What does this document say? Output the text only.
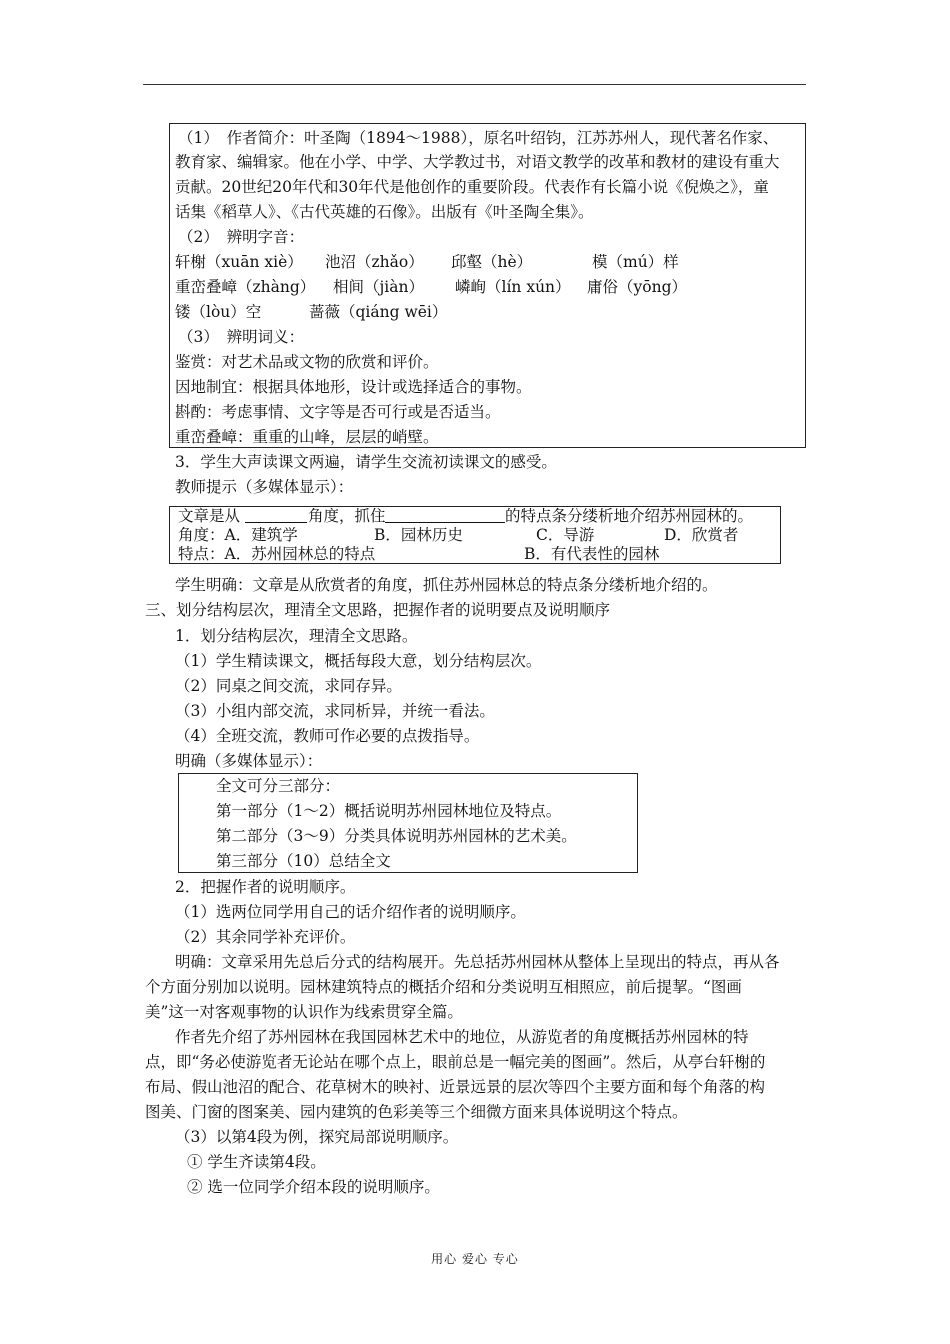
（1）　作者简介：叶圣陶（1894～1988），原名叶绍钧，江苏苏州人，现代著名作家、
教育家、编辑家。他在小学、中学、大学教过书，对语文教学的改革和教材的建设有重大
贡献。20世纪20年代和30年代是他创作的重要阶段。代表作有长篇小说《倪焕之》，童
话集《稻草人》、《古代英雄的石像》。出版有《叶圣陶全集》。
（2）　辨明字音：
轩榭（xuān xiè） 池沼（zhǎo） 邱壑（hè）	模（mú）样
重峦叠嶂（zhàng） 相间（jiàn） 嶙峋（lín xún） 庸俗（yōng）
镂（lòu）空	蔷薇（qiáng wēi）
（3）　辨明词义：
鉴赏：对艺术品或文物的欣赏和评价。
因地制宜：根据具体地形，设计或选择适合的事物。
斟酌：考虑事情、文字等是否可行或是否适当。
重峦叠嶂：重重的山峰，层层的峭壁。
3．学生大声读课文两遍，请学生交流初读课文的感受。
教师提示（多媒体显示）：
文章是从	角度，抓住	的特点条分缕析地介绍苏州园林的。
角度：A．建筑学	B．园林历史	C．导游	D．欣赏者
特点：A．苏州园林总的特点	B．有代表性的园林
学生明确：文章是从欣赏者的角度，抓住苏州园林总的特点条分缕析地介绍的。
三、划分结构层次，理清全文思路，把握作者的说明要点及说明顺序
1．划分结构层次，理清全文思路。
（1）学生精读课文，概括每段大意，划分结构层次。
（2）同桌之间交流，求同存异。
（3）小组内部交流，求同析异，并统一看法。
（4）全班交流，教师可作必要的点拨指导。
明确（多媒体显示）：
全文可分三部分：
第一部分（1～2）概括说明苏州园林地位及特点。
第二部分（3～9）分类具体说明苏州园林的艺术美。
第三部分（10）总结全文
2．把握作者的说明顺序。
（1）选两位同学用自己的话介绍作者的说明顺序。
（2）其余同学补充评价。
明确：文章采用先总后分式的结构展开。先总括苏州园林从整体上呈现出的特点，再从各
个方面分别加以说明。园林建筑特点的概括介绍和分类说明互相照应，前后提挈。“图画
美”这一对客观事物的认识作为线索贯穿全篇。
作者先介绍了苏州园林在我国园林艺术中的地位，从游览者的角度概括苏州园林的特
点，即“务必使游览者无论站在哪个点上，眼前总是一幅完美的图画”。然后，从亭台轩榭的
布局、假山池沼的配合、花草树木的映衬、近景远景的层次等四个主要方面和每个角落的构
图美、门窗的图案美、园内建筑的色彩美等三个细微方面来具体说明这个特点。
（3）以第4段为例，探究局部说明顺序。
① 学生齐读第4段。
② 选一位同学介绍本段的说明顺序。
用心 爱心 专心
